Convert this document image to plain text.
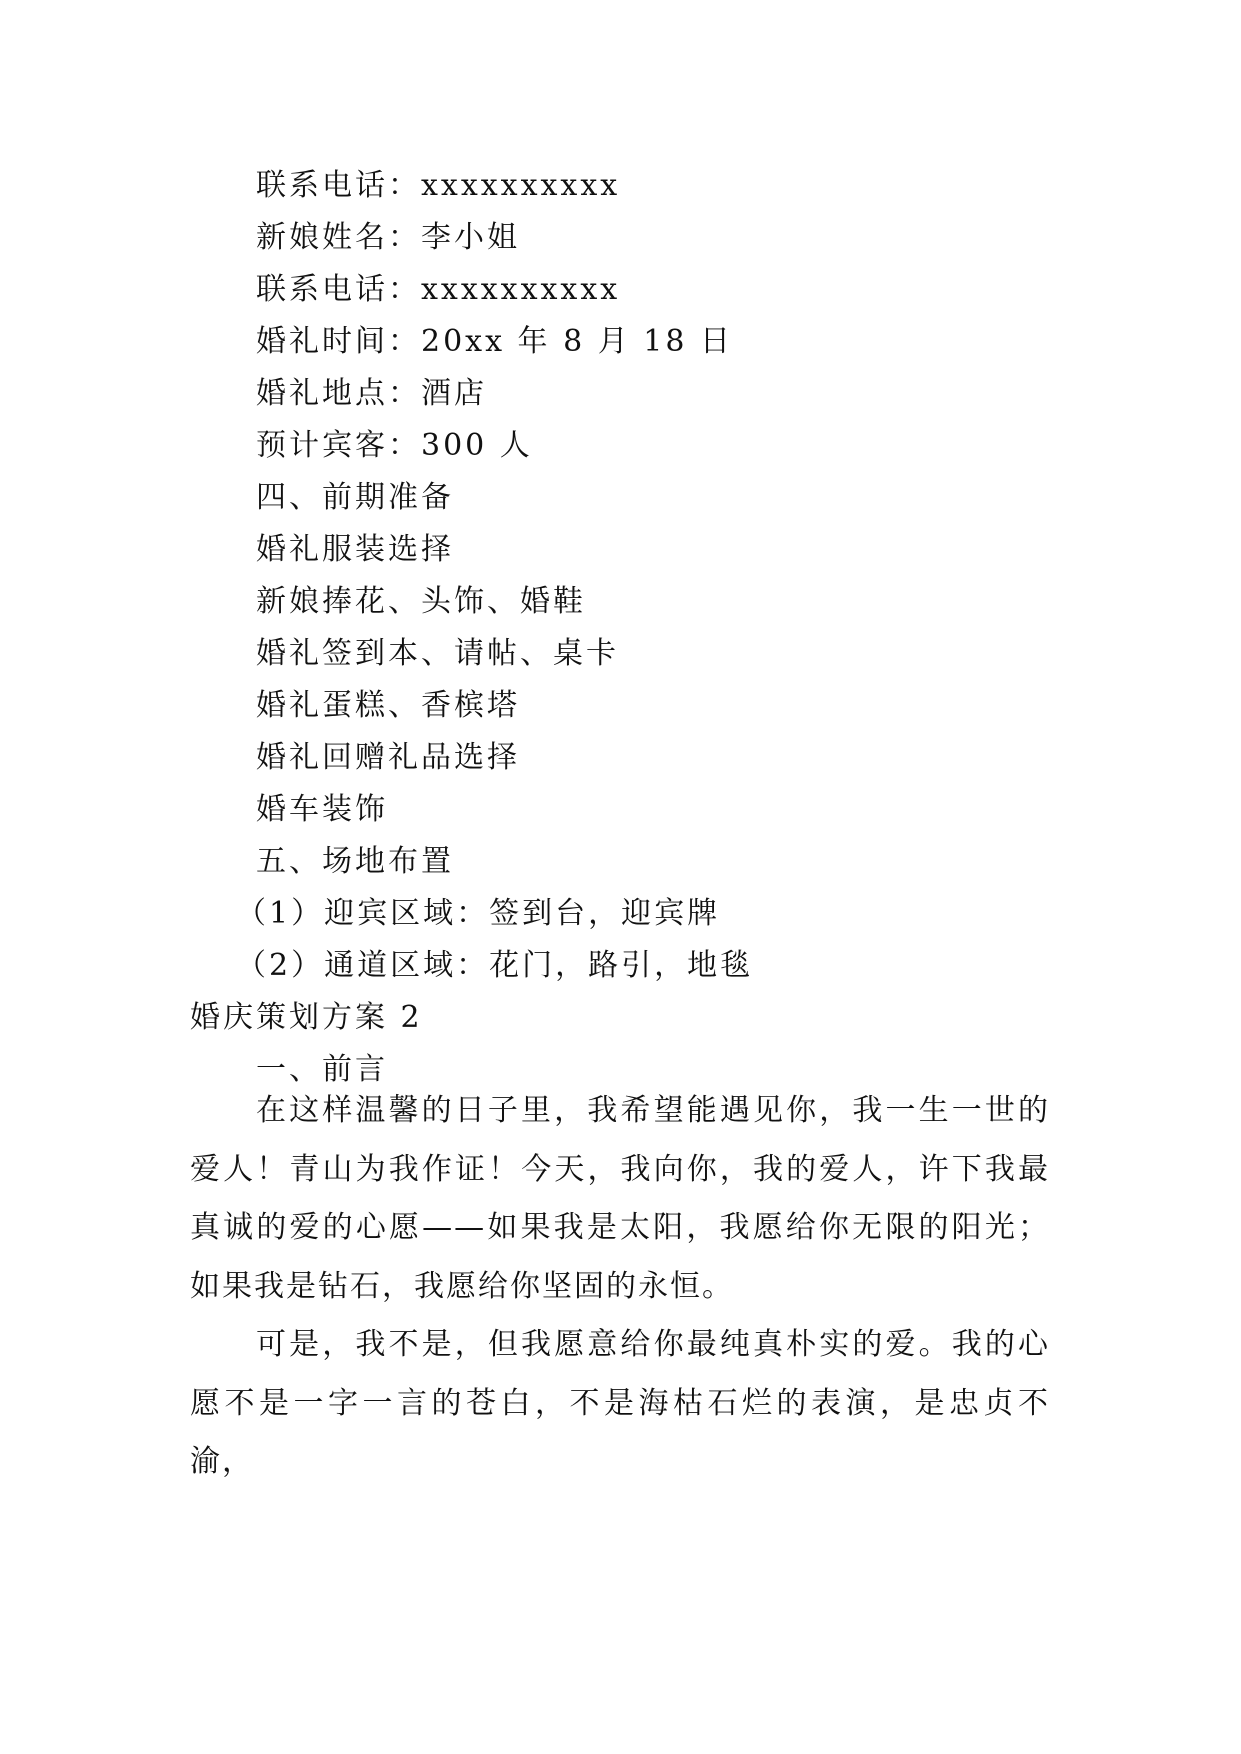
联系电话：xxxxxxxxxx
新娘姓名：李小姐
联系电话：xxxxxxxxxx
婚礼时间：20xx 年 8 月 18 日
婚礼地点：酒店
预计宾客：300 人
四、前期准备
婚礼服装选择
新娘捧花、头饰、婚鞋
婚礼签到本、请帖、桌卡
婚礼蛋糕、香槟塔
婚礼回赠礼品选择
婚车装饰
五、场地布置
（1）迎宾区域：签到台，迎宾牌
（2）通道区域：花门，路引，地毯
婚庆策划方案 2
一、前言

在这样温馨的日子里，我希望能遇见你，我一生一世的爱人！青山为我作证！今天，我向你，我的爱人，许下我最真诚的爱的心愿——如果我是太阳，我愿给你无限的阳光；如果我是钻石，我愿给你坚固的永恒。

可是，我不是，但我愿意给你最纯真朴实的爱。我的心愿不是一字一言的苍白，不是海枯石烂的表演，是忠贞不渝，
